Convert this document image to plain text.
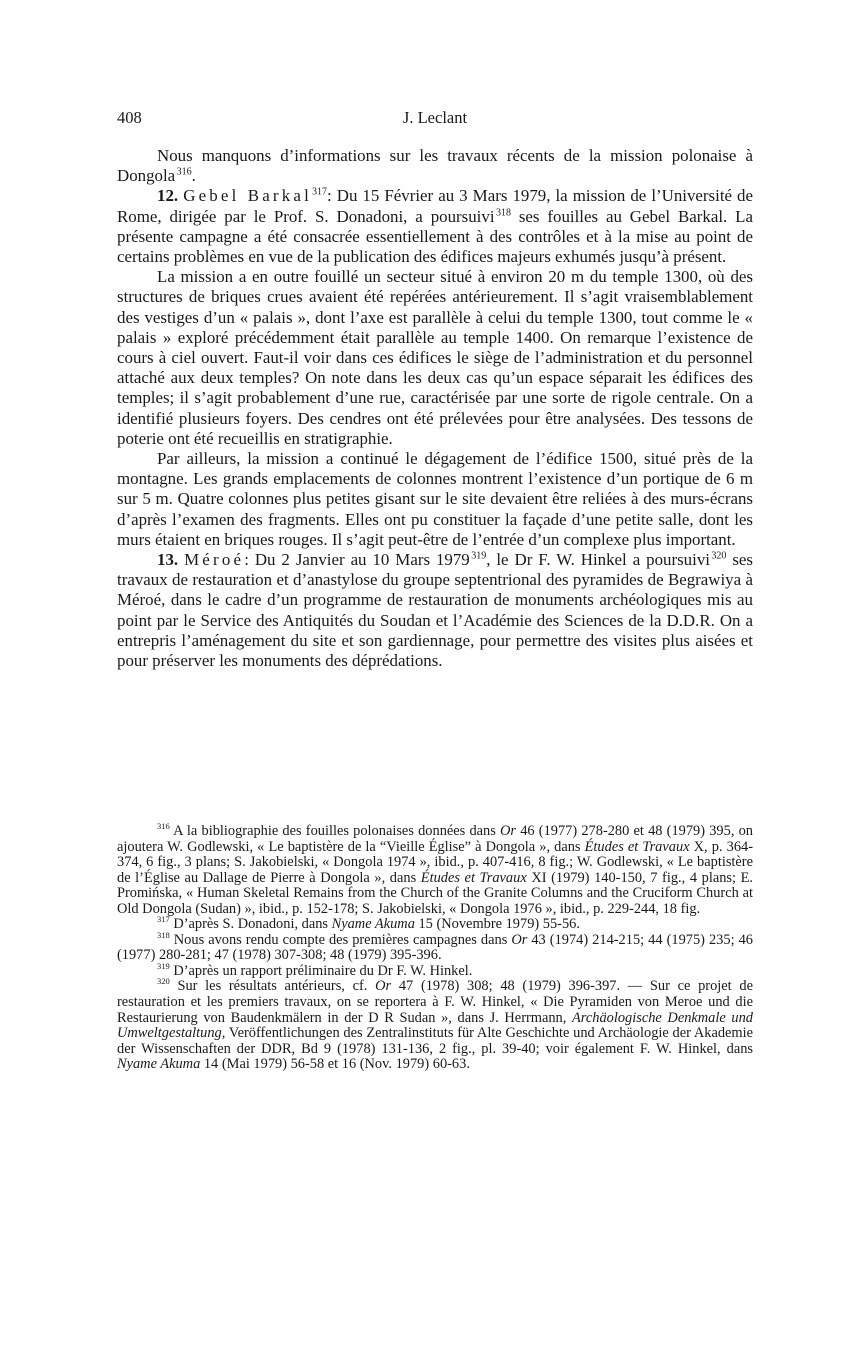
408	J. Leclant

Nous manquons d’informations sur les travaux récents de la mission polonaise à Dongola $^{316}$.

12. Gebel Barkal$^{317}$: Du 15 Février au 3 Mars 1979, la mission de l’Université de Rome, dirigée par le Prof. S. Donadoni, a poursuivi $^{318}$ ses fouilles au Gebel Barkal. La présente campagne a été consacrée essentiellement à des contrôles et à la mise au point de certains problèmes en vue de la publication des édifices majeurs exhumés jusqu’à présent.

La mission a en outre fouillé un secteur situé à environ 20 m du temple 1300, où des structures de briques crues avaient été repérées antérieurement. Il s’agit vraisemblablement des vestiges d’un « palais », dont l’axe est parallèle à celui du temple 1300, tout comme le « palais » exploré précédemment était parallèle au temple 1400. On remarque l’existence de cours à ciel ouvert. Faut-il voir dans ces édifices le siège de l’administration et du personnel attaché aux deux temples? On note dans les deux cas qu’un espace séparait les édifices des temples; il s’agit probablement d’une rue, caractérisée par une sorte de rigole centrale. On a identifié plusieurs foyers. Des cendres ont été prélevées pour être analysées. Des tessons de poterie ont été recueillis en stratigraphie.

Par ailleurs, la mission a continué le dégagement de l’édifice 1500, situé près de la montagne. Les grands emplacements de colonnes montrent l’existence d’un portique de 6 m sur 5 m. Quatre colonnes plus petites gisant sur le site devaient être reliées à des murs-écrans d’après l’examen des fragments. Elles ont pu constituer la façade d’une petite salle, dont les murs étaient en briques rouges. Il s’agit peut-être de l’entrée d’un complexe plus important.

13. Méroé: Du 2 Janvier au 10 Mars 1979 $^{319}$, le Dr F. W. Hinkel a poursuivi $^{320}$ ses travaux de restauration et d’anastylose du groupe septentrional des pyramides de Begrawiya à Méroé, dans le cadre d’un programme de restauration de monuments archéologiques mis au point par le Service des Antiquités du Soudan et l’Académie des Sciences de la D.D.R. On a entrepris l’aménagement du site et son gardiennage, pour permettre des visites plus aisées et pour préserver les monuments des déprédations.

$^{316}$ A la bibliographie des fouilles polonaises données dans Or 46 (1977) 278-280 et 48 (1979) 395, on ajoutera W. Godlewski, « Le baptistère de la “Vieille Église” à Dongola », dans Études et Travaux X, p. 364-374, 6 fig., 3 plans; S. Jakobielski, « Dongola 1974 », ibid., p. 407-416, 8 fig.; W. Godlewski, « Le baptistère de l’Église au Dallage de Pierre à Dongola », dans Études et Travaux XI (1979) 140-150, 7 fig., 4 plans; E. Promińska, « Human Skeletal Remains from the Church of the Granite Columns and the Cruciform Church at Old Dongola (Sudan) », ibid., p. 152-178; S. Jakobielski, « Dongola 1976 », ibid., p. 229-244, 18 fig.

$^{317}$ D’après S. Donadoni, dans Nyame Akuma 15 (Novembre 1979) 55-56.

$^{318}$ Nous avons rendu compte des premières campagnes dans Or 43 (1974) 214-215; 44 (1975) 235; 46 (1977) 280-281; 47 (1978) 307-308; 48 (1979) 395-396.

$^{319}$ D’après un rapport préliminaire du Dr F. W. Hinkel.

$^{320}$ Sur les résultats antérieurs, cf. Or 47 (1978) 308; 48 (1979) 396-397. — Sur ce projet de restauration et les premiers travaux, on se reportera à F. W. Hinkel, « Die Pyramiden von Meroe und die Restaurierung von Baudenkmälern in der D R Sudan », dans J. Herrmann, Archäologische Denkmale und Umweltgestaltung, Veröffentlichungen des Zentralinstituts für Alte Geschichte und Archäologie der Akademie der Wissenschaften der DDR, Bd 9 (1978) 131-136, 2 fig., pl. 39-40; voir également F. W. Hinkel, dans Nyame Akuma 14 (Mai 1979) 56-58 et 16 (Nov. 1979) 60-63.
